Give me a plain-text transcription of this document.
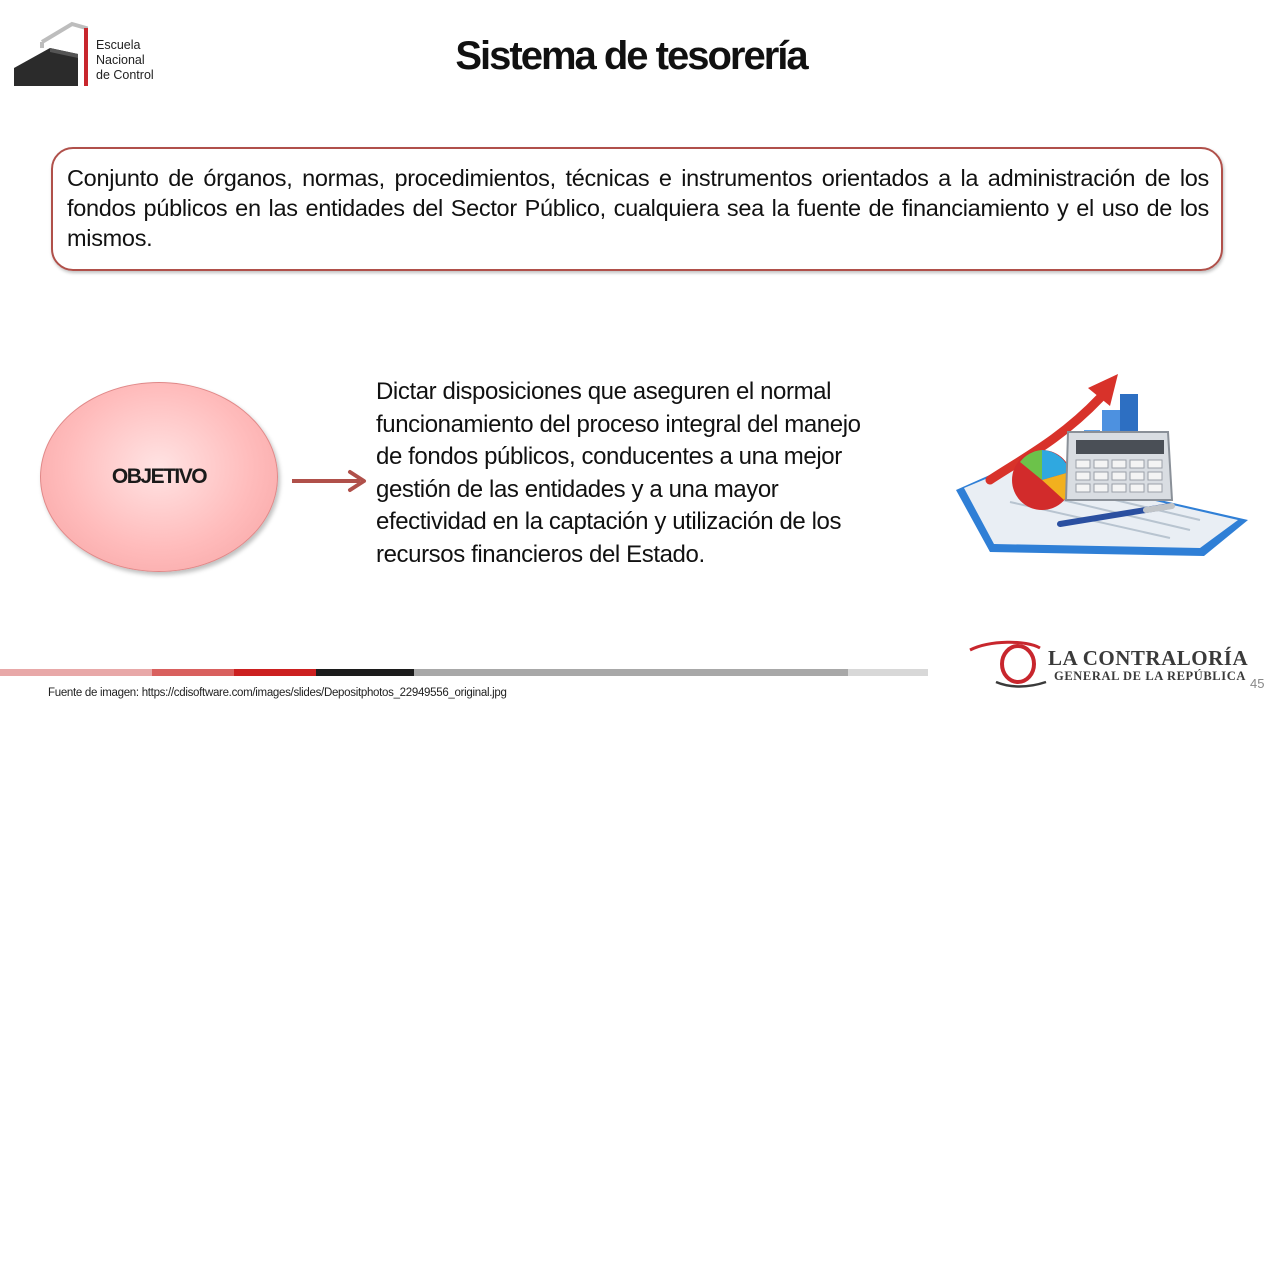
Escuela
Nacional
de Control	Sistema de tesorería

Conjunto de órganos, normas, procedimientos, técnicas e instrumentos orientados a la administración de los fondos públicos en las entidades del Sector Público, cualquiera sea la fuente de financiamiento y el uso de los mismos.

OBJETIVO
Dictar disposiciones que aseguren el normal
funcionamiento del proceso integral del manejo
de fondos públicos, conducentes a una mejor
gestión de las entidades y a una mayor
efectividad en la captación y utilización de los
recursos financieros del Estado.
LA CONTRALORÍA
GENERAL DE LA REPÚBLICA 45
Fuente de imagen: https://cdisoftware.com/images/slides/Depositphotos_22949556_original.jpg
